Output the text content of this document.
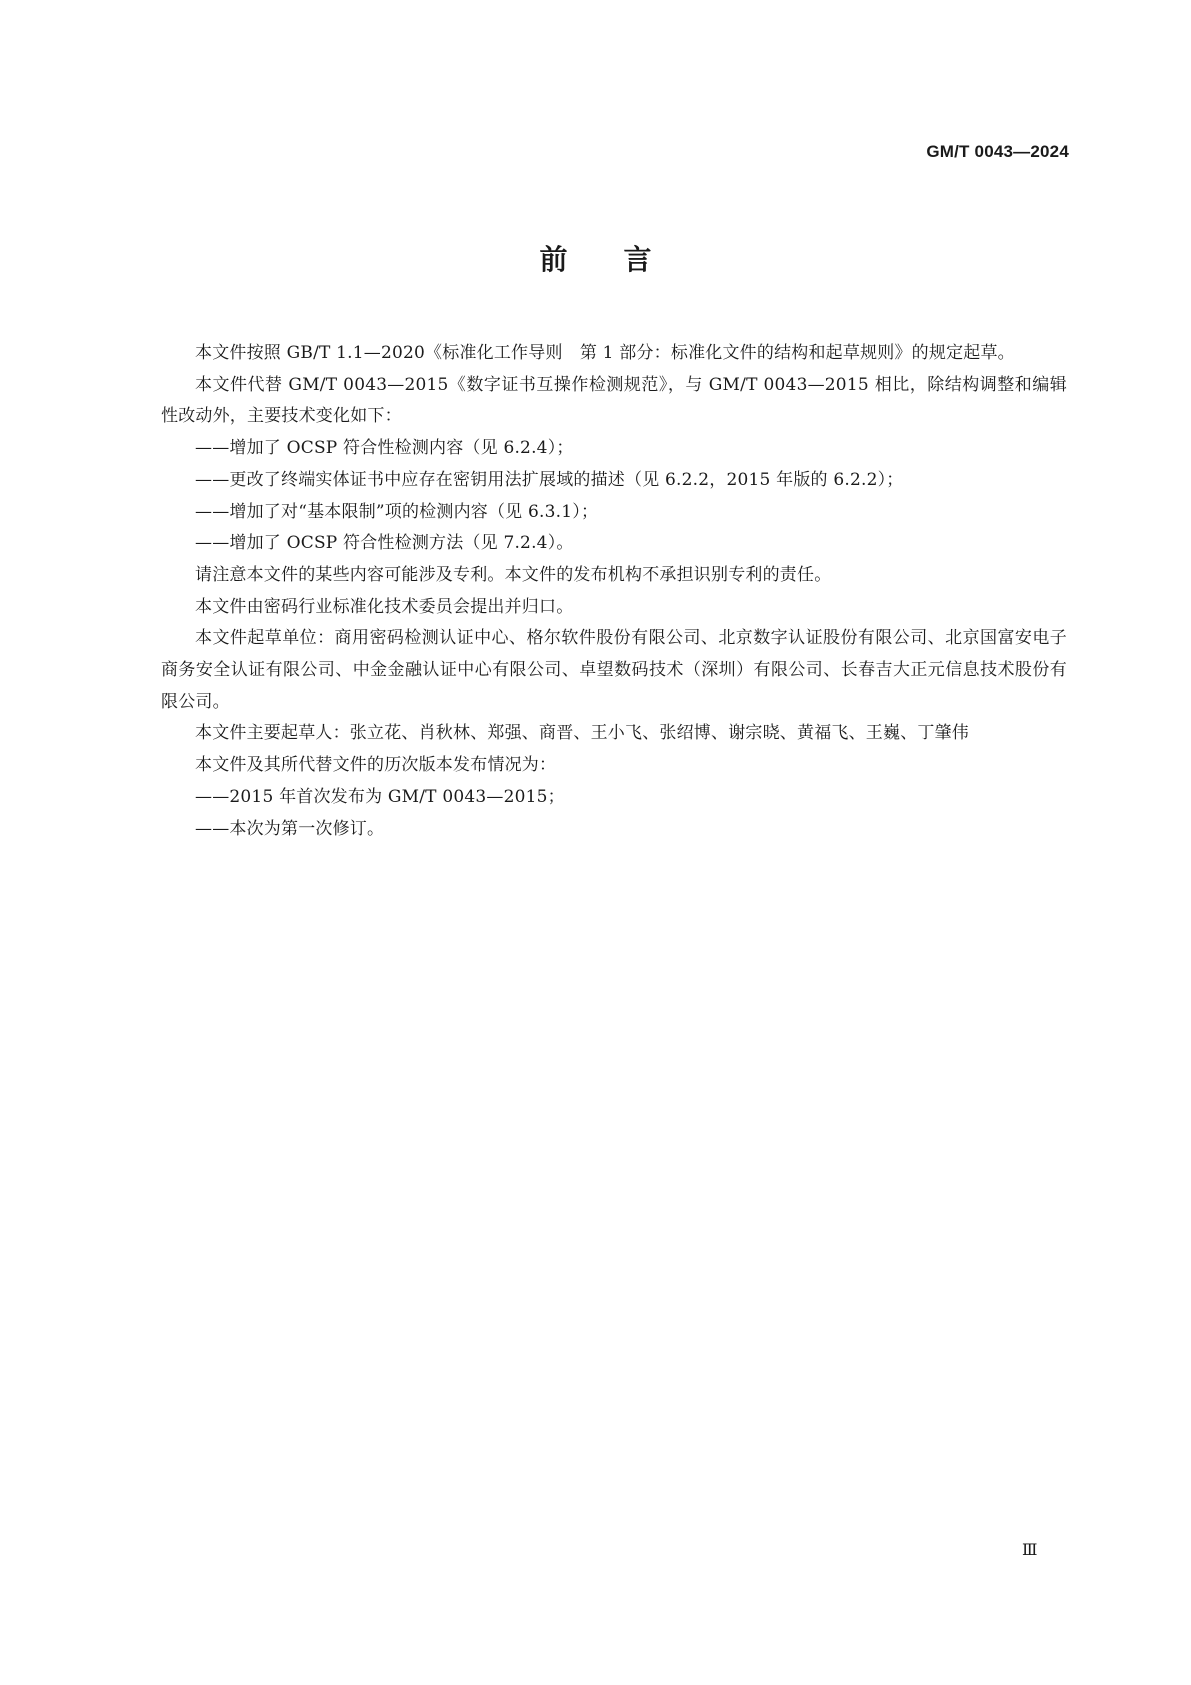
GM/T 0043—2024
前言

本文件按照 GB/T 1.1—2020《标准化工作导则　第 1 部分：标准化文件的结构和起草规则》的规定起草。

本文件代替 GM/T 0043—2015《数字证书互操作检测规范》，与 GM/T 0043—2015 相比，除结构调整和编辑性改动外，主要技术变化如下：

——增加了 OCSP 符合性检测内容（见 6.2.4）；

——更改了终端实体证书中应存在密钥用法扩展域的描述（见 6.2.2，2015 年版的 6.2.2）；

——增加了对“基本限制”项的检测内容（见 6.3.1）；

——增加了 OCSP 符合性检测方法（见 7.2.4）。

请注意本文件的某些内容可能涉及专利。本文件的发布机构不承担识别专利的责任。

本文件由密码行业标准化技术委员会提出并归口。

本文件起草单位：商用密码检测认证中心、格尔软件股份有限公司、北京数字认证股份有限公司、北京国富安电子商务安全认证有限公司、中金金融认证中心有限公司、卓望数码技术（深圳）有限公司、长春吉大正元信息技术股份有限公司。

本文件主要起草人：张立花、肖秋林、郑强、商晋、王小飞、张绍博、谢宗晓、黄福飞、王巍、丁肇伟

本文件及其所代替文件的历次版本发布情况为：

——2015 年首次发布为 GM/T 0043—2015；

——本次为第一次修订。

Ⅲ
